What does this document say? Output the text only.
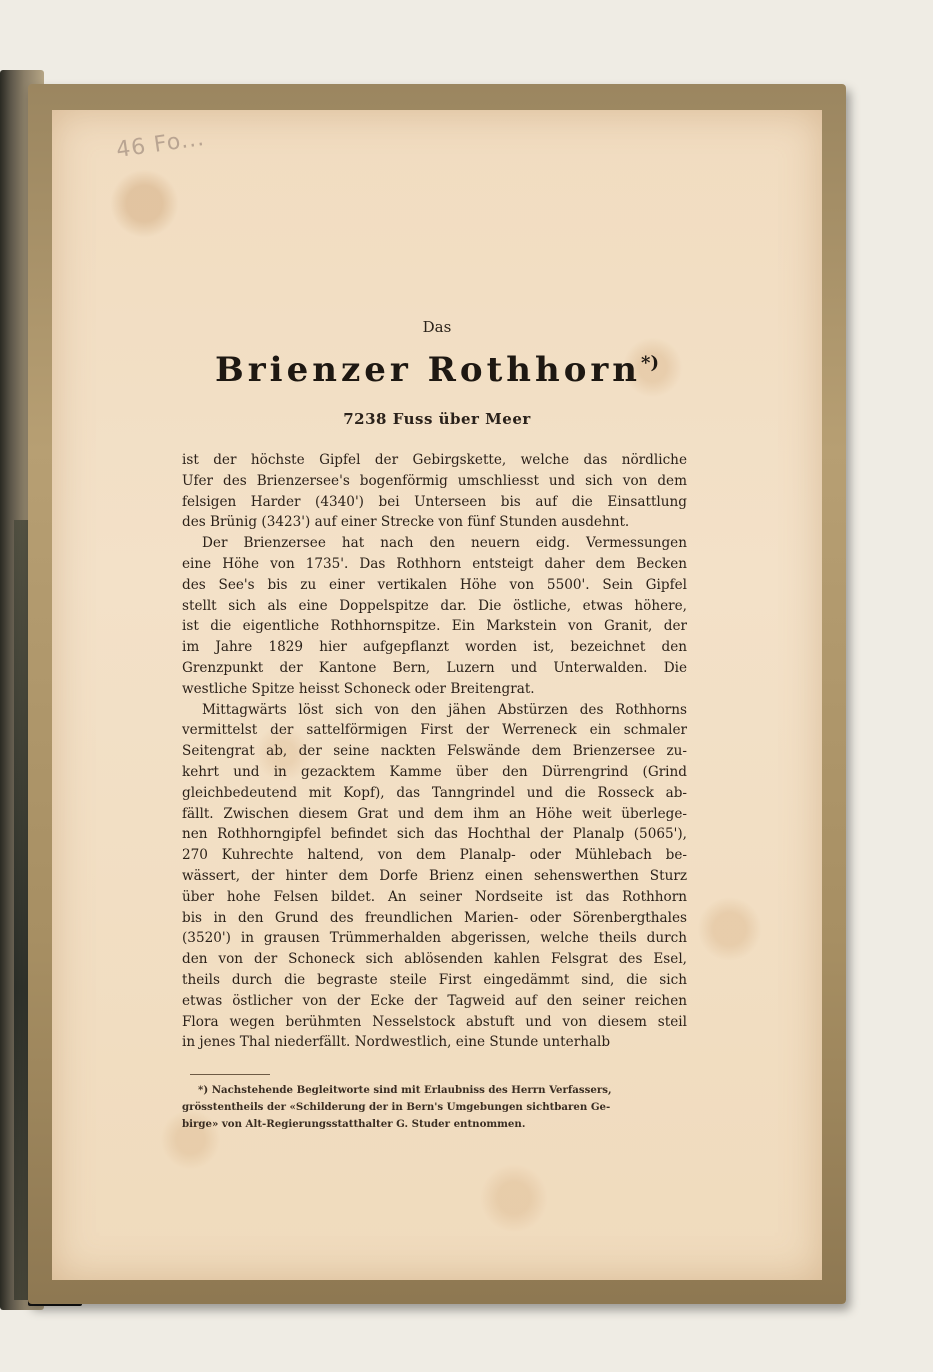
46 Fo...
Das
Brienzer Rothhorn*)
7238 Fuss über Meer
ist der höchste Gipfel der Gebirgskette, welche das nördliche
Ufer des Brienzersee's bogenförmig umschliesst und sich von dem
felsigen Harder (4340') bei Unterseen bis auf die Einsattlung
des Brünig (3423') auf einer Strecke von fünf Stunden ausdehnt.
Der Brienzersee hat nach den neuern eidg. Vermessungen
eine Höhe von 1735'. Das Rothhorn entsteigt daher dem Becken
des See's bis zu einer vertikalen Höhe von 5500'. Sein Gipfel
stellt sich als eine Doppelspitze dar. Die östliche, etwas höhere,
ist die eigentliche Rothhornspitze. Ein Markstein von Granit, der
im Jahre 1829 hier aufgepflanzt worden ist, bezeichnet den
Grenzpunkt der Kantone Bern, Luzern und Unterwalden. Die
westliche Spitze heisst Schoneck oder Breitengrat.
Mittagwärts löst sich von den jähen Abstürzen des Rothhorns
vermittelst der sattelförmigen First der Werreneck ein schmaler
Seitengrat ab, der seine nackten Felswände dem Brienzersee zu-
kehrt und in gezacktem Kamme über den Dürrengrind (Grind
gleichbedeutend mit Kopf), das Tanngrindel und die Rosseck ab-
fällt. Zwischen diesem Grat und dem ihm an Höhe weit überlege-
nen Rothhorngipfel befindet sich das Hochthal der Planalp (5065'),
270 Kuhrechte haltend, von dem Planalp- oder Mühlebach be-
wässert, der hinter dem Dorfe Brienz einen sehenswerthen Sturz
über hohe Felsen bildet. An seiner Nordseite ist das Rothhorn
bis in den Grund des freundlichen Marien- oder Sörenbergthales
(3520') in grausen Trümmerhalden abgerissen, welche theils durch
den von der Schoneck sich ablösenden kahlen Felsgrat des Esel,
theils durch die begraste steile First eingedämmt sind, die sich
etwas östlicher von der Ecke der Tagweid auf den seiner reichen
Flora wegen berühmten Nesselstock abstuft und von diesem steil
in jenes Thal niederfällt. Nordwestlich, eine Stunde unterhalb
*) Nachstehende Begleitworte sind mit Erlaubniss des Herrn Verfassers,
grösstentheils der «Schilderung der in Bern's Umgebungen sichtbaren Ge-
birge» von Alt-Regierungsstatthalter G. Studer entnommen.
